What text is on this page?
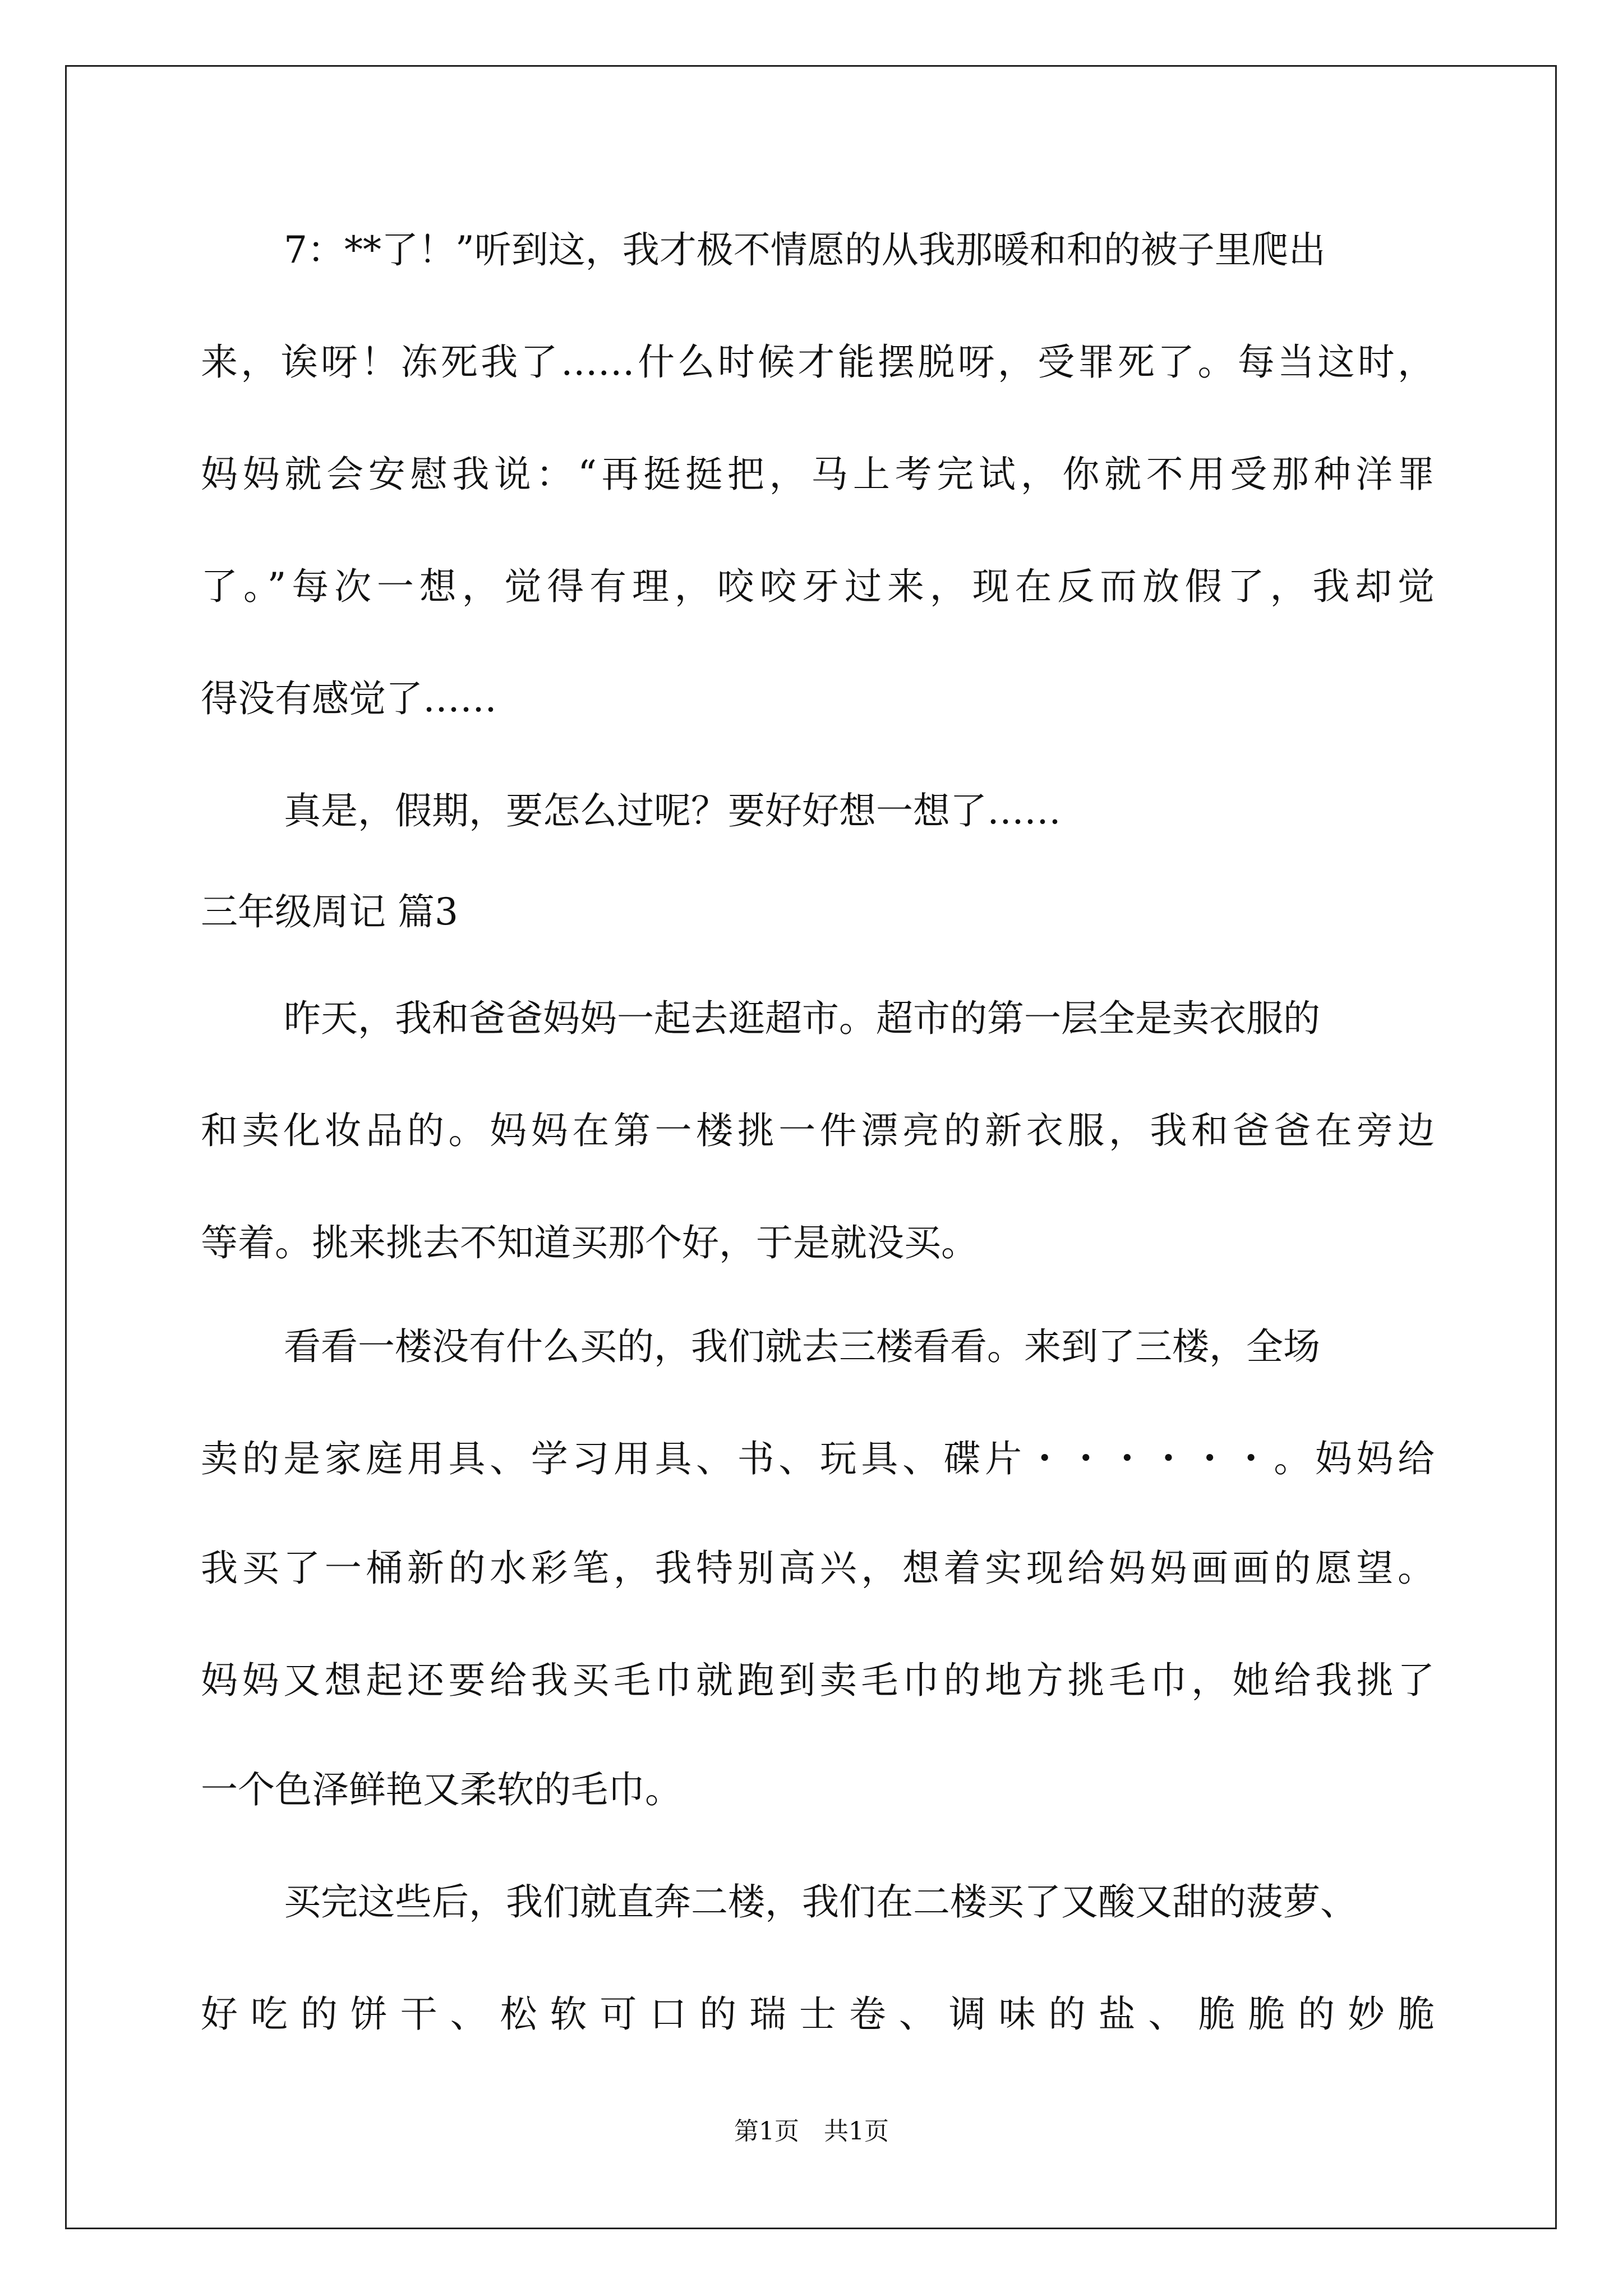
7：**了！”听到这，我才极不情愿的从我那暖和和的被子里爬出
来，诶呀！冻死我了……什么时候才能摆脱呀，受罪死了。每当这时，
妈妈就会安慰我说：“再挺挺把，马上考完试，你就不用受那种洋罪
了。”每次一想，觉得有理，咬咬牙过来，现在反而放假了，我却觉
得没有感觉了……
真是，假期，要怎么过呢？要好好想一想了……
三年级周记 篇3
昨天，我和爸爸妈妈一起去逛超市。超市的第一层全是卖衣服的
和卖化妆品的。妈妈在第一楼挑一件漂亮的新衣服，我和爸爸在旁边
等着。挑来挑去不知道买那个好，于是就没买。
看看一楼没有什么买的，我们就去三楼看看。来到了三楼，全场
卖的是家庭用具、学习用具、书、玩具、碟片・・・・・・。妈妈给
我买了一桶新的水彩笔，我特别高兴，想着实现给妈妈画画的愿望。
妈妈又想起还要给我买毛巾就跑到卖毛巾的地方挑毛巾，她给我挑了
一个色泽鲜艳又柔软的毛巾。
买完这些后，我们就直奔二楼，我们在二楼买了又酸又甜的菠萝、
好吃的饼干、松软可口的瑞士卷、调味的盐、脆脆的妙脆
第1页　共1页
